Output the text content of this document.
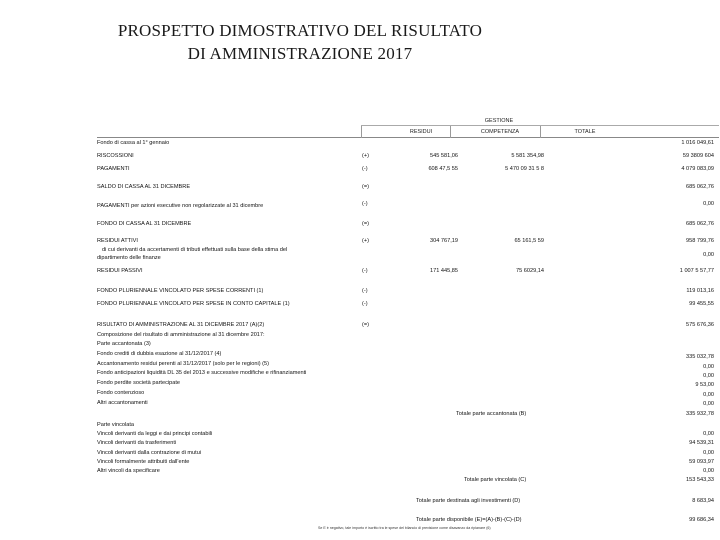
PROSPETTO DIMOSTRATIVO DEL RISULTATO
DI AMMINISTRAZIONE 2017
GESTIONE
RESIDUI	COMPETENZA	TOTALE
Fondo di cassa al 1° gennaio	1 016 049,61
RISCOSSIONI	(+)	545 581,06	5 581 354,98	59 3809 604
PAGAMENTI	(-)	608 47,5 55	5 470 09 31 5 8	4 079 083,09
SALDO DI CASSA AL 31 DICEMBRE	(=)	685 062,76
PAGAMENTI per azioni esecutive non regolarizzate al 31 dicembre	(-)	0,00
FONDO DI CASSA AL 31 DICEMBRE	(=)	685 062,76
RESIDUI ATTIVI	(+)	304 767,19	65 161,5 59	958 799,76
di cui derivanti da accertamenti di tributi effettuati sulla base della stima del
dipartimento delle finanze	0,00
RESIDUI PASSIVI	(-)	171 445,85	75 6029,14	1 007 5 57,77
FONDO PLURIENNALE VINCOLATO PER SPESE CORRENTI (1)	(-)	119 013,16
FONDO PLURIENNALE VINCOLATO PER SPESE IN CONTO CAPITALE (1)	(-)	99 455,55
RISULTATO DI AMMINISTRAZIONE AL 31 DICEMBRE 2017 (A)(2)	(=)	575 676,36
Composizione del risultato di amministrazione al 31 dicembre 2017:
Parte accantonata (3)
Fondo crediti di dubbia esazione al 31/12/2017 (4)	335 032,78
Accantonamento residui perenti al 31/12/2017 (solo per le regioni) (5)	0,00
Fondo anticipazioni liquidità DL 35 del 2013 e successive modifiche e rifinanziamenti	0,00
Fondo perdite società partecipate	9 53,00
Fondo contenzioso	0,00
Altri accantonamenti	0,00
Totale parte accantonata (B)	335 932,78
Parte vincolata
Vincoli derivanti da leggi e dai principi contabili	0,00
Vincoli derivanti da trasferimenti	94 539,31
Vincoli derivanti dalla contrazione di mutui	0,00
Vincoli formalmente attribuiti dall'ente	59 093,97
Altri vincoli da specificare	0,00
Totale parte vincolata (C)	153 543,33
Totale parte destinata agli investimenti (D)	8 683,94
Totale parte disponibile (E)=(A)-(B)-(C)-(D)	99 686,34
Se E è negativo, tale importo è iscritto tra le spese del bilancio di previsione come disavanzo da ripianare (6)
